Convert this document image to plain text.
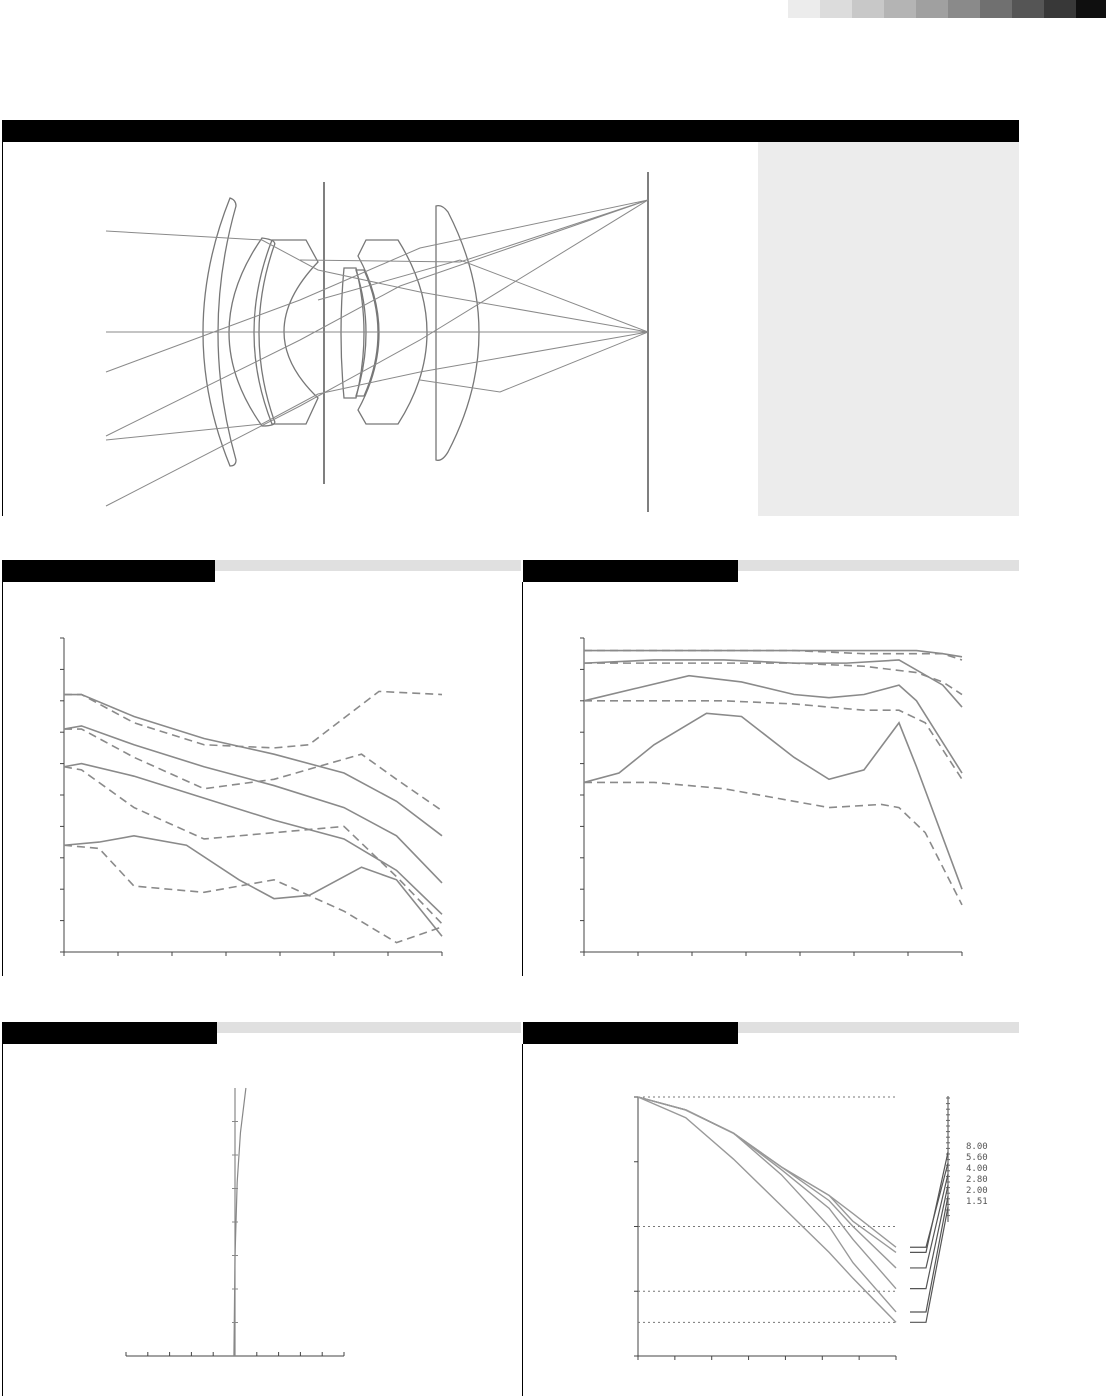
8.00
5.60
4.00
2.80
2.00
1.51
